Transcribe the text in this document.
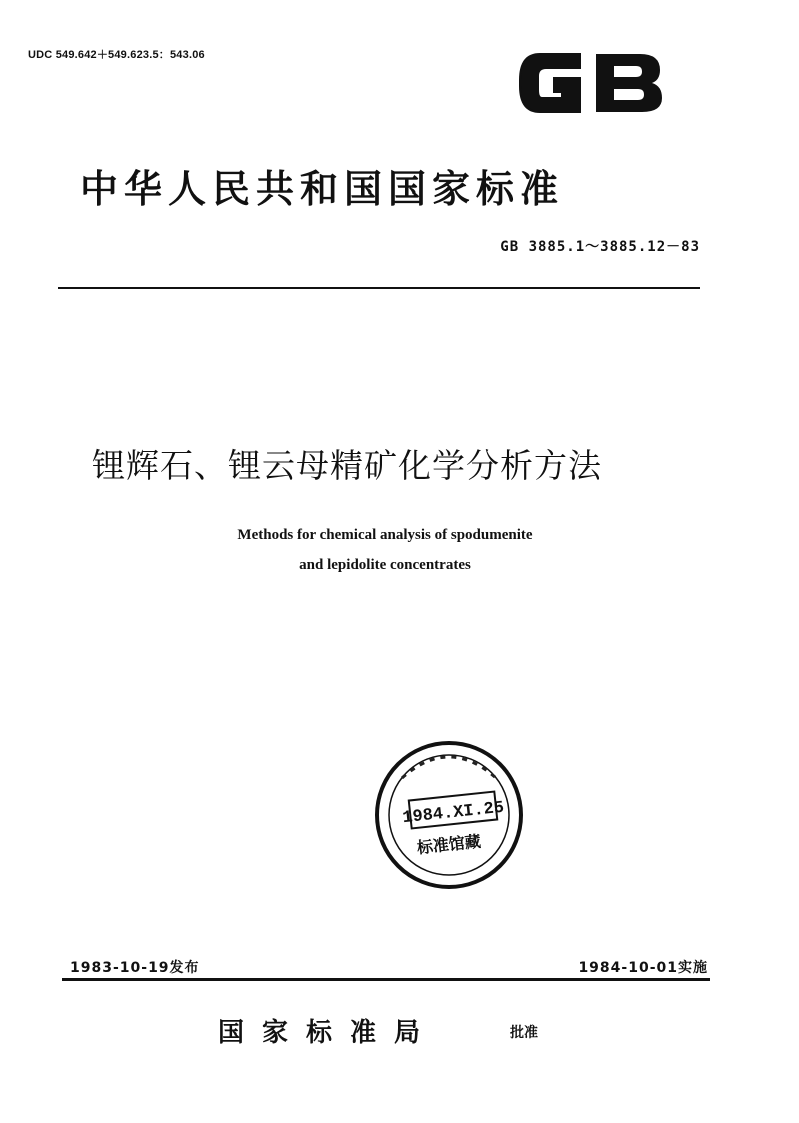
UDC 549.642＋549.623.5：543.06
中华人民共和国国家标准
GB 3885.1～3885.12－83
锂辉石、锂云母精矿化学分析方法
Methods for chemical analysis of spodumenite
and lepidolite concentrates
1984.XI.25
标准馆藏
1983-10-19发布	1984-10-01实施
国家标准局	批准
